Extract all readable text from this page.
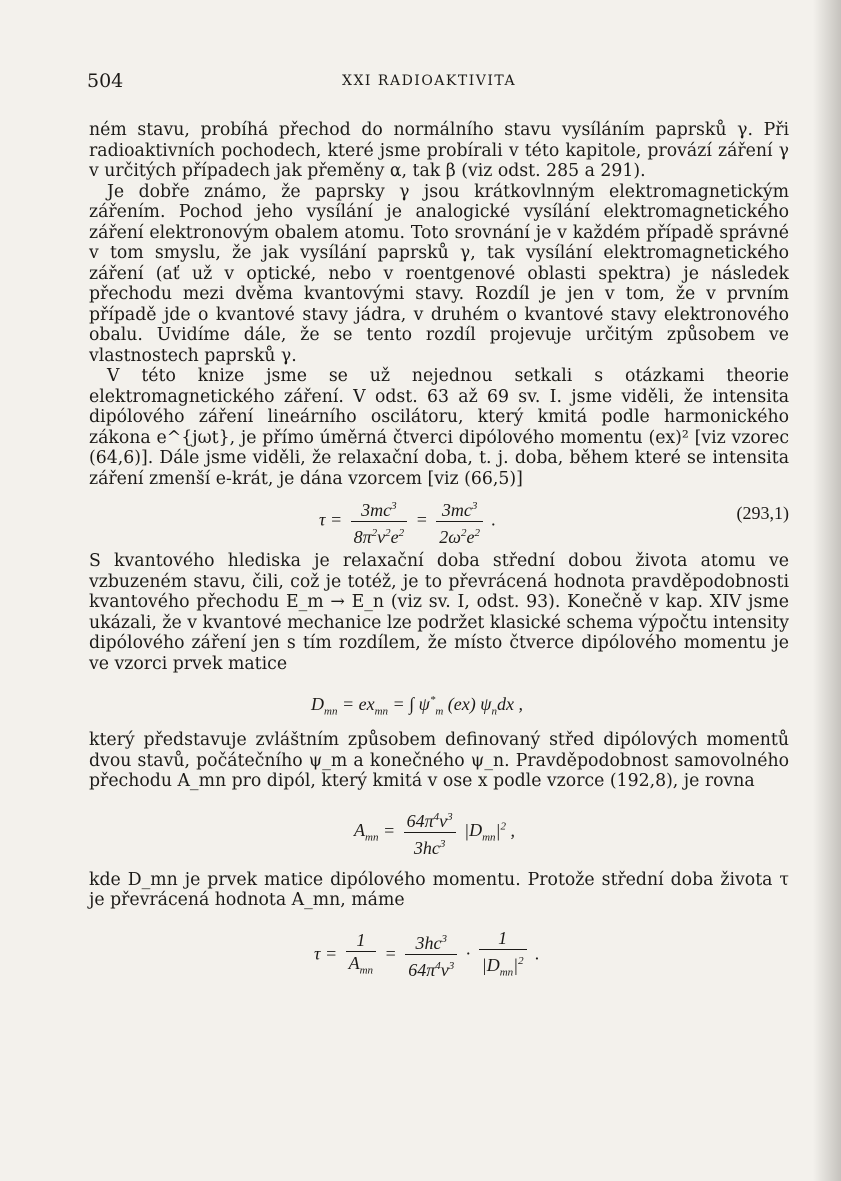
504	XXI RADIOAKTIVITA

ném stavu, probíhá přechod do normálního stavu vysíláním paprsků γ. Při radioaktivních pochodech, které jsme probírali v této kapitole, provází záření γ v určitých případech jak přeměny α, tak β (viz odst. 285 a 291).

Je dobře známo, že paprsky γ jsou krátkovlnným elektromagnetickým zářením. Pochod jeho vysílání je analogické vysílání elektromagnetického záření elektronovým obalem atomu. Toto srovnání je v každém případě správné v tom smyslu, že jak vysílání paprsků γ, tak vysílání elektromagnetického záření (ať už v optické, nebo v roentgenové oblasti spektra) je následek přechodu mezi dvěma kvantovými stavy. Rozdíl je jen v tom, že v prvním případě jde o kvantové stavy jádra, v druhém o kvantové stavy elektronového obalu. Uvidíme dále, že se tento rozdíl projevuje určitým způsobem ve vlastnostech paprsků γ.

V této knize jsme se už nejednou setkali s otázkami theorie elektromagnetického záření. V odst. 63 až 69 sv. I. jsme viděli, že intensita dipólového záření lineárního oscilátoru, který kmitá podle harmonického zákona e^{jωt}, je přímo úměrná čtverci dipólového momentu (ex)² [viz vzorec (64,6)]. Dále jsme viděli, že relaxační doba, t. j. doba, během které se intensita záření zmenší e-krát, je dána vzorcem [viz (66,5)]

$\tau = \frac{3mc^3}{8\pi^2\nu^2e^2} = \frac{3mc^3}{2\omega^2e^2}$ .	(293,1)

S kvantového hlediska je relaxační doba střední dobou života atomu ve vzbuzeném stavu, čili, což je totéž, je to převrácená hodnota pravděpodobnosti kvantového přechodu E_m → E_n (viz sv. I, odst. 93). Konečně v kap. XIV jsme ukázali, že v kvantové mechanice lze podržet klasické schema výpočtu intensity dipólového záření jen s tím rozdílem, že místo čtverce dipólového momentu je ve vzorci prvek matice

$D_{mn} = ex_{mn}$ = ∫ $\psi^*_m$ (ex) $\psi_ndx$ ,

který představuje zvláštním způsobem definovaný střed dipólových momentů dvou stavů, počátečního ψ_m a konečného ψ_n. Pravděpodobnost samovolného přechodu A_mn pro dipól, který kmitá v ose x podle vzorce (192,8), je rovna

$A_{mn} = \frac{64\pi^4\nu^3}{3hc^3} |D_{mn}|^2$ ,

kde D_mn je prvek matice dipólového momentu. Protože střední doba života τ je převrácená hodnota A_mn, máme

$\tau = \frac{1}{A_{mn}} = \frac{3hc^3}{64\pi^4\nu^3} \cdot \frac{1}{|D_{mn}|^2}$ .
